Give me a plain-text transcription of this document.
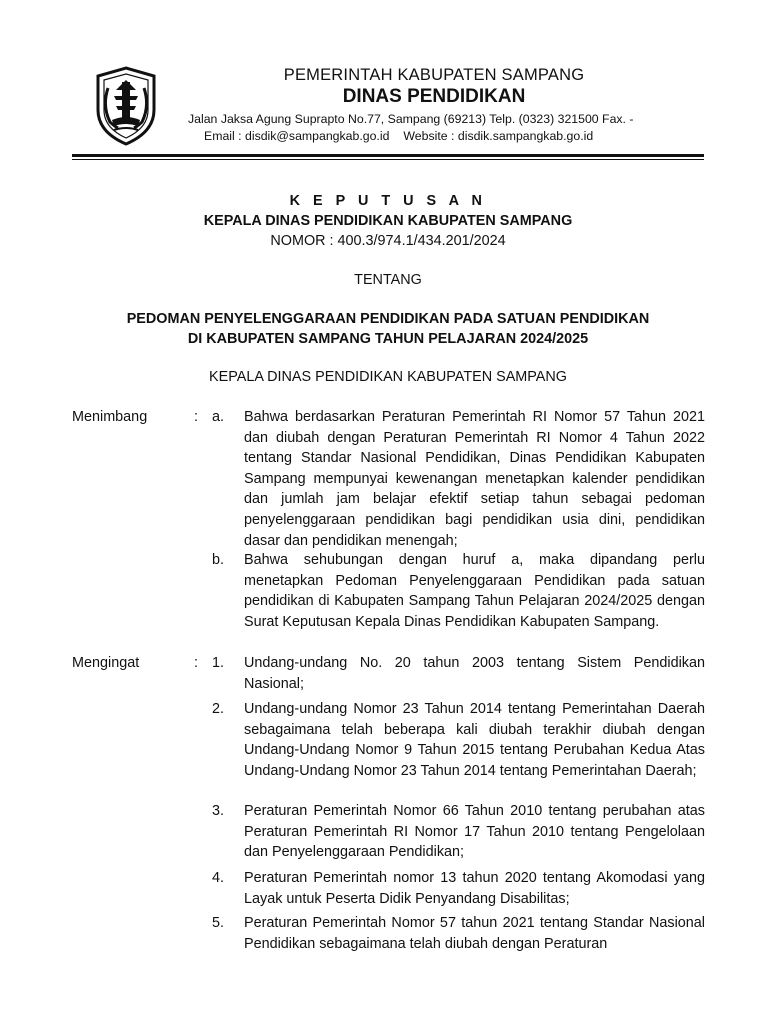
PEMERINTAH KABUPATEN SAMPANG
DINAS PENDIDIKAN
Jalan Jaksa Agung Suprapto No.77, Sampang (69213) Telp. (0323) 321500 Fax. -
Email : disdik@sampangkab.go.id Website : disdik.sampangkab.go.id
K E P U T U S A N
KEPALA DINAS PENDIDIKAN KABUPATEN SAMPANG
NOMOR : 400.3/974.1/434.201/2024
TENTANG
PEDOMAN PENYELENGGARAAN PENDIDIKAN PADA SATUAN PENDIDIKAN
DI KABUPATEN SAMPANG TAHUN PELAJARAN 2024/2025
KEPALA DINAS PENDIDIKAN KABUPATEN SAMPANG
Menimbang	: a. Bahwa berdasarkan Peraturan Pemerintah RI Nomor 57 Tahun 2021 dan diubah dengan Peraturan Pemerintah RI Nomor 4 Tahun 2022 tentang Standar Nasional Pendidikan, Dinas Pendidikan Kabupaten Sampang mempunyai kewenangan menetapkan kalender pendidikan dan jumlah jam belajar efektif setiap tahun sebagai pedoman penyelenggaraan pendidikan bagi pendidikan usia dini, pendidikan dasar dan pendidikan menengah;

b. Bahwa sehubungan dengan huruf a, maka dipandang perlu menetapkan Pedoman Penyelenggaraan Pendidikan pada satuan pendidikan di Kabupaten Sampang Tahun Pelajaran 2024/2025 dengan Surat Keputusan Kepala Dinas Pendidikan Kabupaten Sampang.

Mengingat	: 1. Undang-undang No. 20 tahun 2003 tentang Sistem Pendidikan Nasional;

2. Undang-undang Nomor 23 Tahun 2014 tentang Pemerintahan Daerah sebagaimana telah beberapa kali diubah terakhir diubah dengan Undang-Undang Nomor 9 Tahun 2015 tentang Perubahan Kedua Atas Undang-Undang Nomor 23 Tahun 2014 tentang Pemerintahan Daerah;

3. Peraturan Pemerintah Nomor 66 Tahun 2010 tentang perubahan atas Peraturan Pemerintah RI Nomor 17 Tahun 2010 tentang Pengelolaan dan Penyelenggaraan Pendidikan;

4. Peraturan Pemerintah nomor 13 tahun 2020 tentang Akomodasi yang Layak untuk Peserta Didik Penyandang Disabilitas;

5. Peraturan Pemerintah Nomor 57 tahun 2021 tentang Standar Nasional Pendidikan sebagaimana telah diubah dengan Peraturan
